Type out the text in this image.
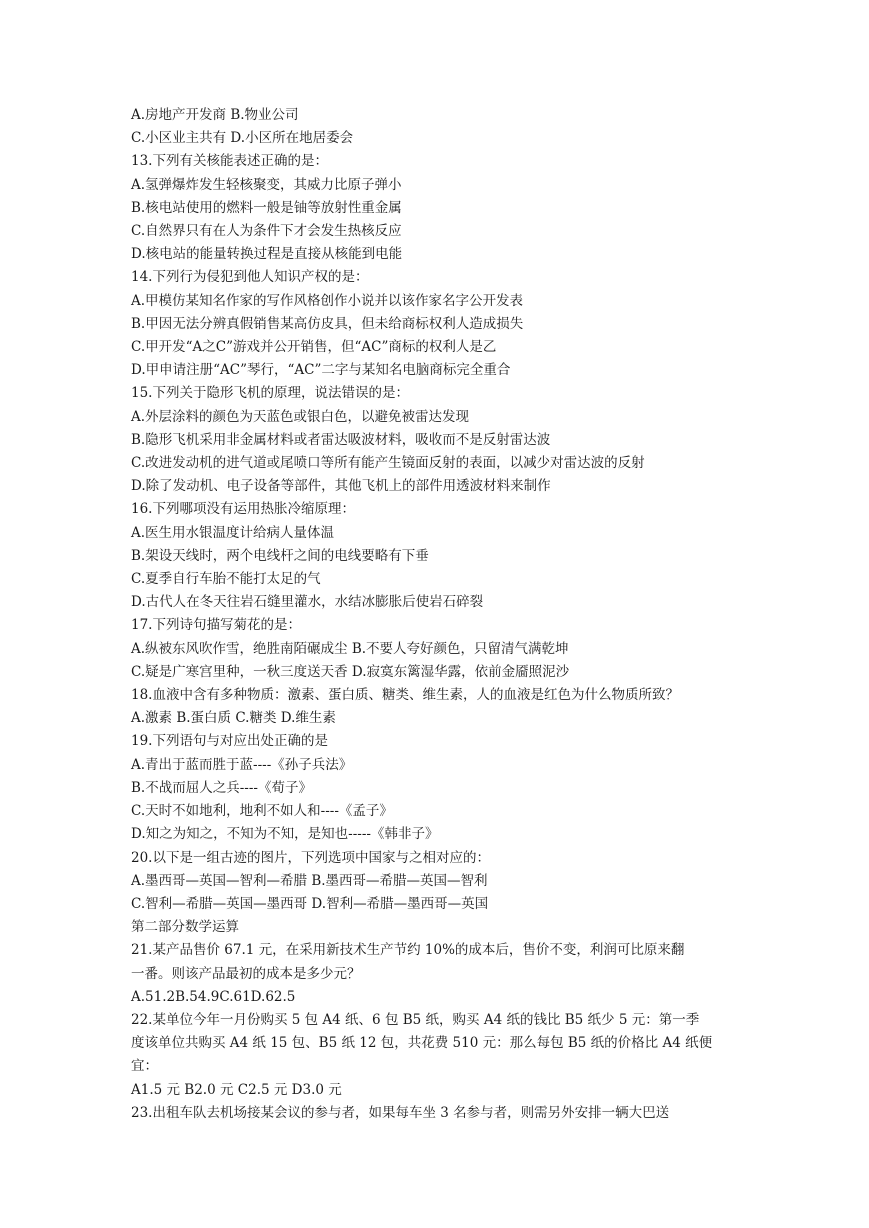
A.房地产开发商 B.物业公司

C.小区业主共有 D.小区所在地居委会

13.下列有关核能表述正确的是：

A.氢弹爆炸发生轻核聚变，其威力比原子弹小

B.核电站使用的燃料一般是铀等放射性重金属

C.自然界只有在人为条件下才会发生热核反应

D.核电站的能量转换过程是直接从核能到电能

14.下列行为侵犯到他人知识产权的是：

A.甲模仿某知名作家的写作风格创作小说并以该作家名字公开发表

B.甲因无法分辨真假销售某高仿皮具，但未给商标权利人造成损失

C.甲开发“A之C”游戏并公开销售，但“AC”商标的权利人是乙

D.甲申请注册“AC”琴行，“AC”二字与某知名电脑商标完全重合

15.下列关于隐形飞机的原理，说法错误的是：

A.外层涂料的颜色为天蓝色或银白色，以避免被雷达发现

B.隐形飞机采用非金属材料或者雷达吸波材料，吸收而不是反射雷达波

C.改进发动机的进气道或尾喷口等所有能产生镜面反射的表面，以减少对雷达波的反射

D.除了发动机、电子设备等部件，其他飞机上的部件用透波材料来制作

16.下列哪项没有运用热胀冷缩原理：

A.医生用水银温度计给病人量体温

B.架设天线时，两个电线杆之间的电线要略有下垂

C.夏季自行车胎不能打太足的气

D.古代人在冬天往岩石缝里灌水，水结冰膨胀后使岩石碎裂

17.下列诗句描写菊花的是：

A.纵被东风吹作雪，绝胜南陌碾成尘 B.不要人夸好颜色，只留清气满乾坤

C.疑是广寒宫里种，一秋三度送天香 D.寂寞东篱湿华露，依前金靥照泥沙

18.血液中含有多种物质：激素、蛋白质、糖类、维生素，人的血液是红色为什么物质所致？

A.激素 B.蛋白质 C.糖类 D.维生素

19.下列语句与对应出处正确的是

A.青出于蓝而胜于蓝----《孙子兵法》

B.不战而屈人之兵----《荀子》

C.天时不如地利，地利不如人和----《孟子》

D.知之为知之，不知为不知，是知也-----《韩非子》

20.以下是一组古迹的图片，下列选项中国家与之相对应的：

A.墨西哥—英国—智利—希腊 B.墨西哥—希腊—英国—智利

C.智利—希腊—英国—墨西哥 D.智利—希腊—墨西哥—英国

第二部分数学运算

21.某产品售价 67.1 元，在采用新技术生产节约 10%的成本后，售价不变，利润可比原来翻

一番。则该产品最初的成本是多少元？

A.51.2B.54.9C.61D.62.5

22.某单位今年一月份购买 5 包 A4 纸、6 包 B5 纸，购买 A4 纸的钱比 B5 纸少 5 元：第一季

度该单位共购买 A4 纸 15 包、B5 纸 12 包，共花费 510 元：那么每包 B5 纸的价格比 A4 纸便

宜：

A1.5 元 B2.0 元 C2.5 元 D3.0 元

23.出租车队去机场接某会议的参与者，如果每车坐 3 名参与者，则需另外安排一辆大巴送
